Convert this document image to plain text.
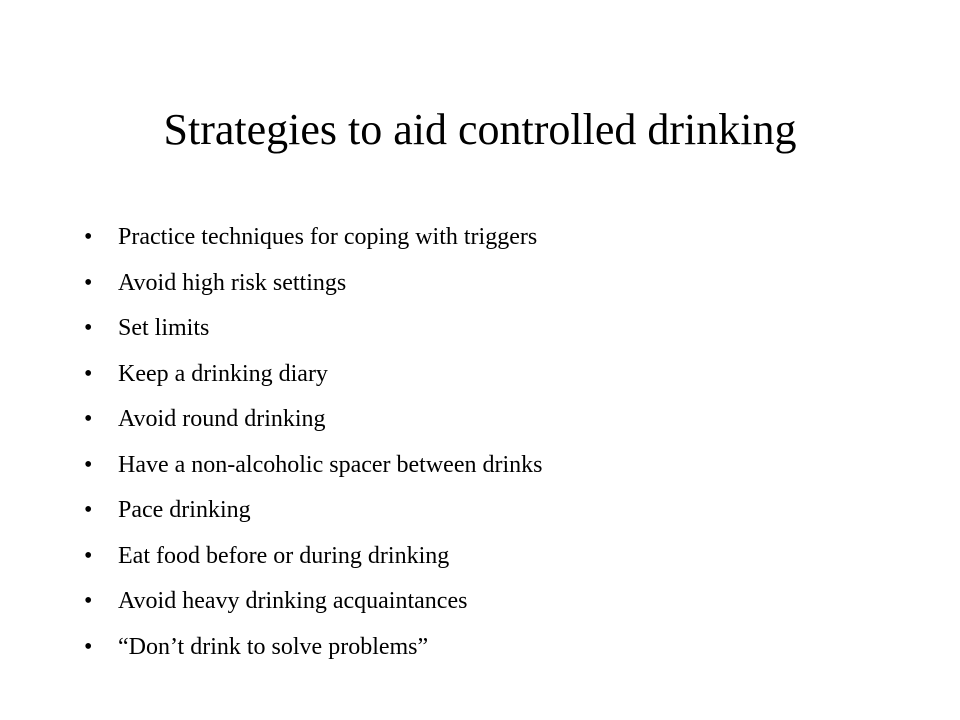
Strategies to aid controlled drinking
•	Practice techniques for coping with triggers
•	Avoid high risk settings
•	Set limits
•	Keep a drinking diary
•	Avoid round drinking
•	Have a non-alcoholic spacer between drinks
•	Pace drinking
•	Eat food before or during drinking
•	Avoid heavy drinking acquaintances
•	“Don’t drink to solve problems”
